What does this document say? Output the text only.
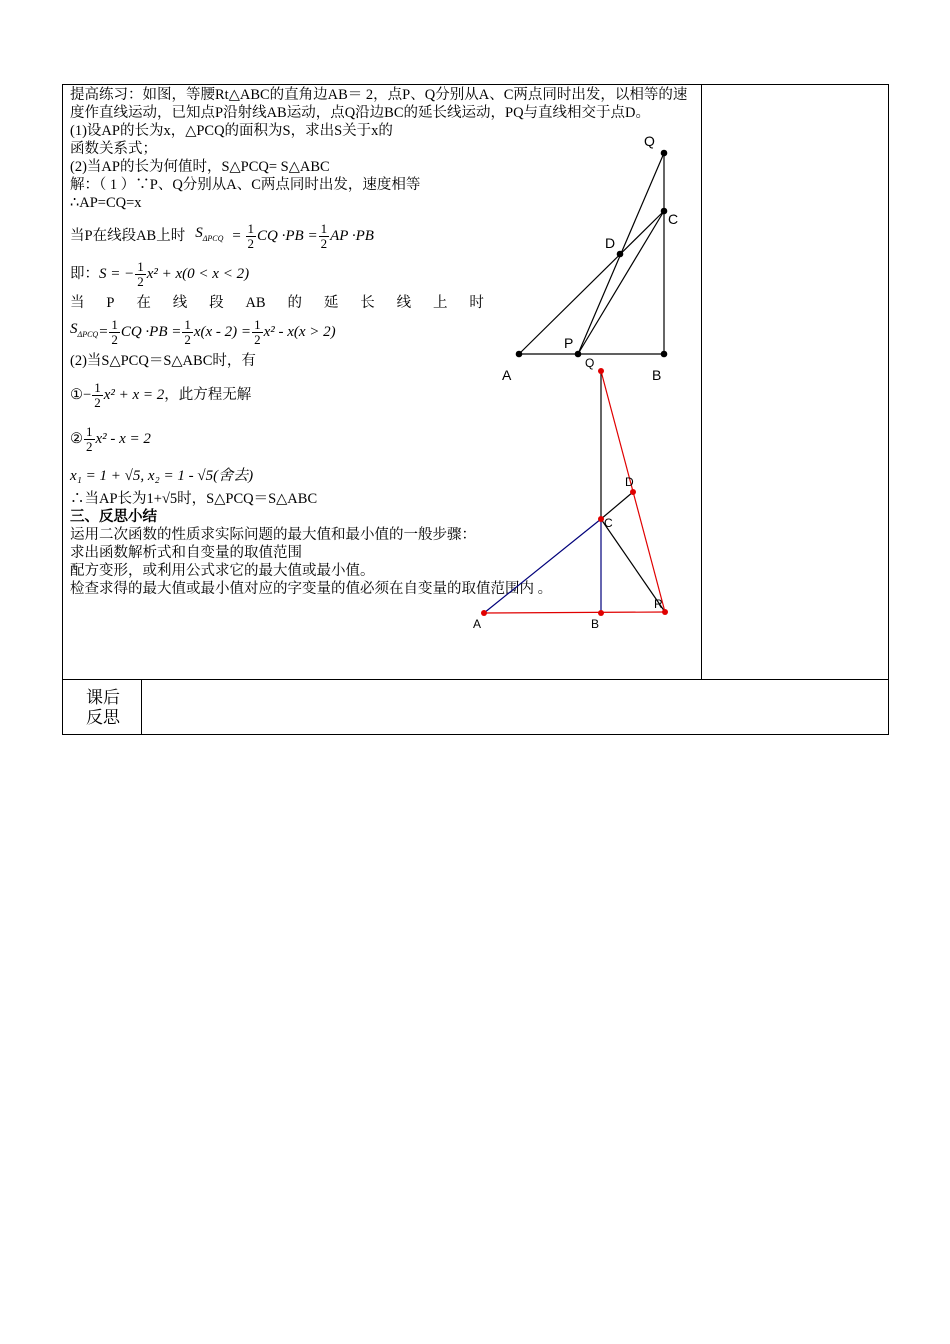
提高练习：如图，等腰Rt△ABC的直角边AB＝ 2，点P、Q分别从A、C两点同时出发，以相等的速度作直线运动，已知点P沿射线AB运动，点Q沿边BC的延长线运动，PQ与直线相交于点D。

(1)设AP的长为x，△PCQ的面积为S，求出S关于x的

函数关系式；

(2)当AP的长为何值时，S△PCQ= S△ABC

解：（ 1 ）∵P、Q分别从A、C两点同时出发，速度相等

∴AP=CQ=x

当P在线段AB上时 $S_{\Delta PCQ} = \frac{1}{2}$ CQ $\cdot PB = \frac{1}{2}$ AP ·PB

即： S = − $\frac{1}{2} x^2 + x(0 < x < 2)$

当 P 在 线 段 AB 的 延 长 线 上 时

$S_{\Delta PCQ} = \frac{1}{2}$ CQ $\cdot PB = \frac{1}{2} x(x - 2) = \frac{1}{2} x^2 - x(x > 2)$

(2)当S△PCQ＝S△ABC时，有

①− $\frac{1}{2} x^2 + x = 2$ ，此方程无解

② $\frac{1}{2} x^2 - x = 2$

x₁ = 1 + √5, x₂ = 1 - √5(舍去)

∴当AP长为1+√5时，S△PCQ＝S△ABC

三、反思小结

运用二次函数的性质求实际问题的最大值和最小值的一般步骤：

求出函数解析式和自变量的取值范围

配方变形，或利用公式求它的最大值或最小值。

检查求得的最大值或最小值对应的字变量的值必须在自变量的取值范围内 。

Q
C
D
P
A	B
Q
D
C
R
A	B
课后
反思
